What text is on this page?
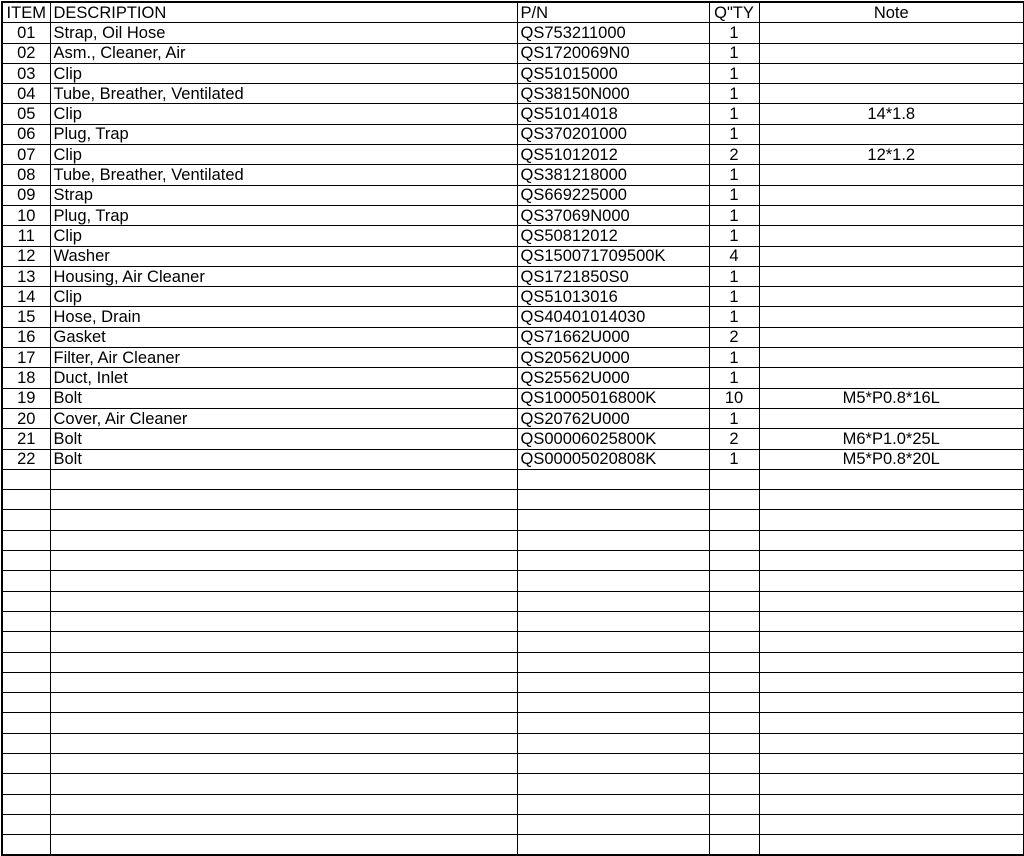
ITEM	DESCRIPTION	P/N	Q"TY	Note
01	Strap, Oil Hose	QS753211000	1	
02	Asm., Cleaner, Air	QS1720069N0	1	
03	Clip	QS51015000	1	
04	Tube, Breather, Ventilated	QS38150N000	1	
05	Clip	QS51014018	1	14*1.8
06	Plug, Trap	QS370201000	1	
07	Clip	QS51012012	2	12*1.2
08	Tube, Breather, Ventilated	QS381218000	1	
09	Strap	QS669225000	1	
10	Plug, Trap	QS37069N000	1	
11	Clip	QS50812012	1	
12	Washer	QS150071709500K	4	
13	Housing, Air Cleaner	QS1721850S0	1	
14	Clip	QS51013016	1	
15	Hose, Drain	QS40401014030	1	
16	Gasket	QS71662U000	2	
17	Filter, Air Cleaner	QS20562U000	1	
18	Duct, Inlet	QS25562U000	1	
19	Bolt	QS10005016800K	10	M5*P0.8*16L
20	Cover, Air Cleaner	QS20762U000	1	
21	Bolt	QS00006025800K	2	M6*P1.0*25L
22	Bolt	QS00005020808K	1	M5*P0.8*20L
